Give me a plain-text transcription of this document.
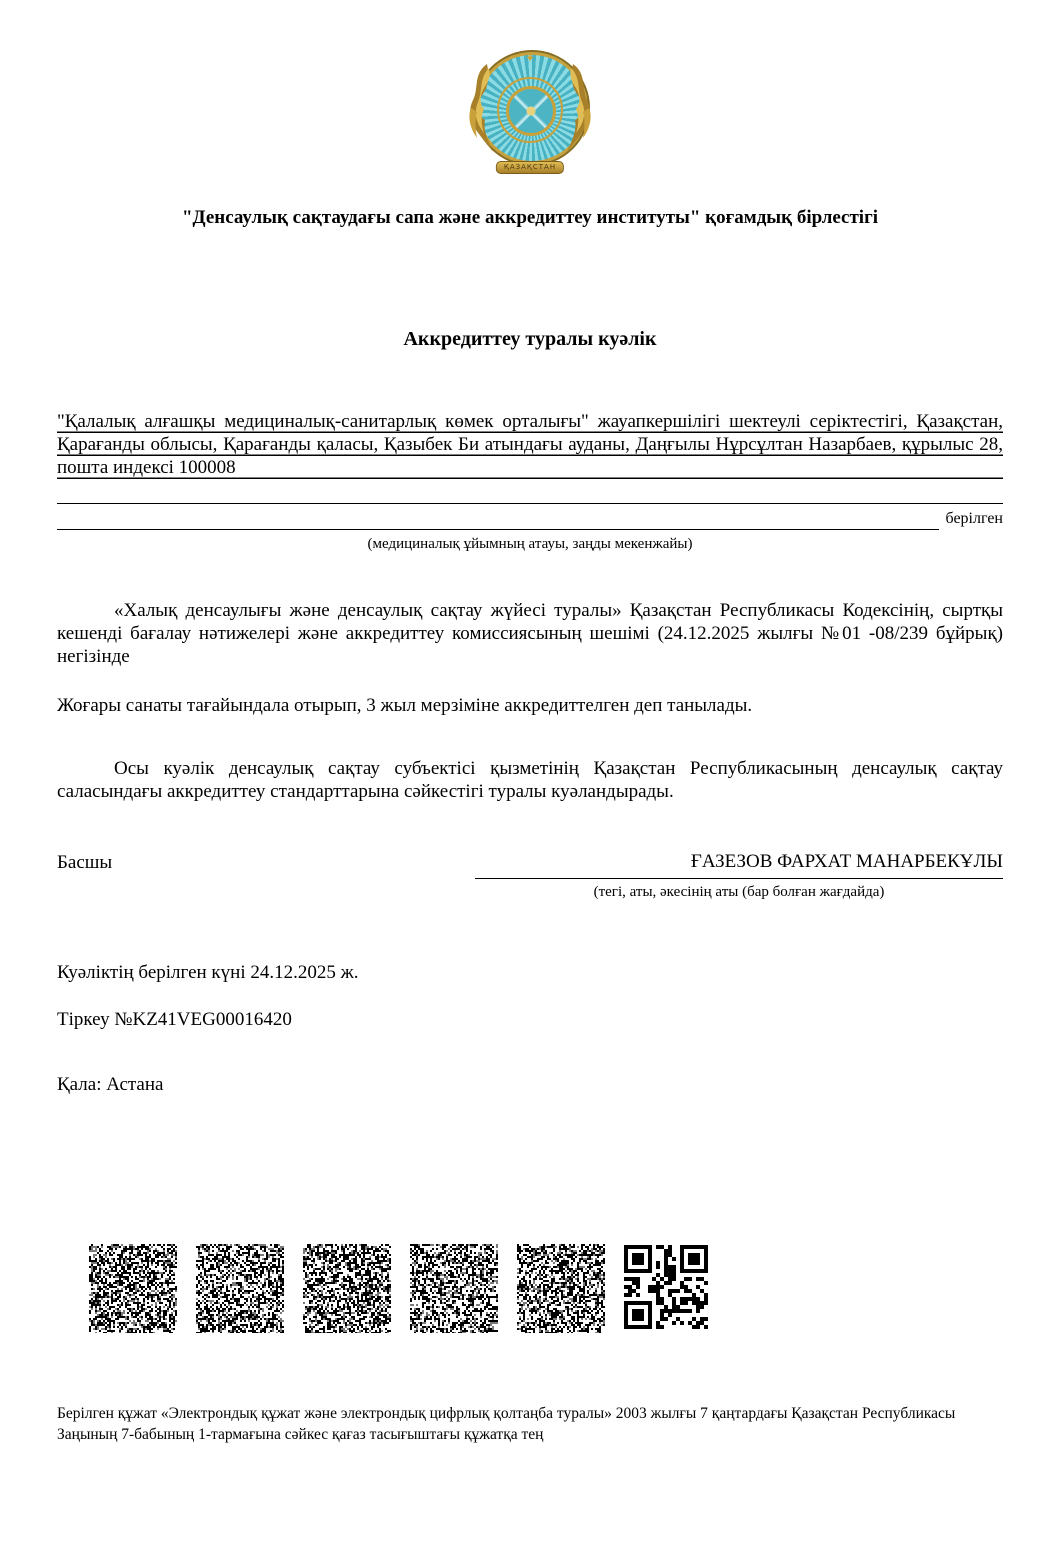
✦
ҚАЗАҚСТАН
"Денсаулық сақтаудағы сапа және аккредиттеу институты" қоғамдық бірлестігі
Аккредиттеу туралы куәлік
"Қалалық алғашқы медициналық-санитарлық көмек орталығы" жауапкершілігі шектеулі серіктестігі, Қазақстан, Қарағанды облысы, Қарағанды қаласы, Қазыбек Би атындағы ауданы, Даңғылы Нұрсұлтан Назарбаев, құрылыс 28, пошта индексі 100008
берілген
(медициналық ұйымның атауы, заңды мекенжайы)
«Халық денсаулығы және денсаулық сақтау жүйесі туралы» Қазақстан Республикасы Кодексінің, сыртқы кешенді бағалау нәтижелері және аккредиттеу комиссиясының шешімі (24.12.2025 жылғы №01 -08/239 бұйрық) негізінде
Жоғары санаты тағайындала отырып, 3 жыл мерзіміне аккредиттелген деп танылады.
Осы куәлік денсаулық сақтау субъектісі қызметінің Қазақстан Республикасының денсаулық сақтау саласындағы аккредиттеу стандарттарына сәйкестігі туралы куәландырады.
Басшы	ҒАЗЕЗОВ ФАРХАТ МАНАРБЕКҰЛЫ
(тегі, аты, әкесінің аты (бар болған жағдайда)
Куәліктің берілген күні 24.12.2025 ж.
Тіркеу №KZ41VEG00016420
Қала: Астана
Берілген құжат «Электрондық құжат және электрондық цифрлық қолтаңба туралы» 2003 жылғы 7 қаңтардағы Қазақстан Республикасы Заңының 7-бабының 1-тармағына сәйкес қағаз тасығыштағы құжатқа тең
